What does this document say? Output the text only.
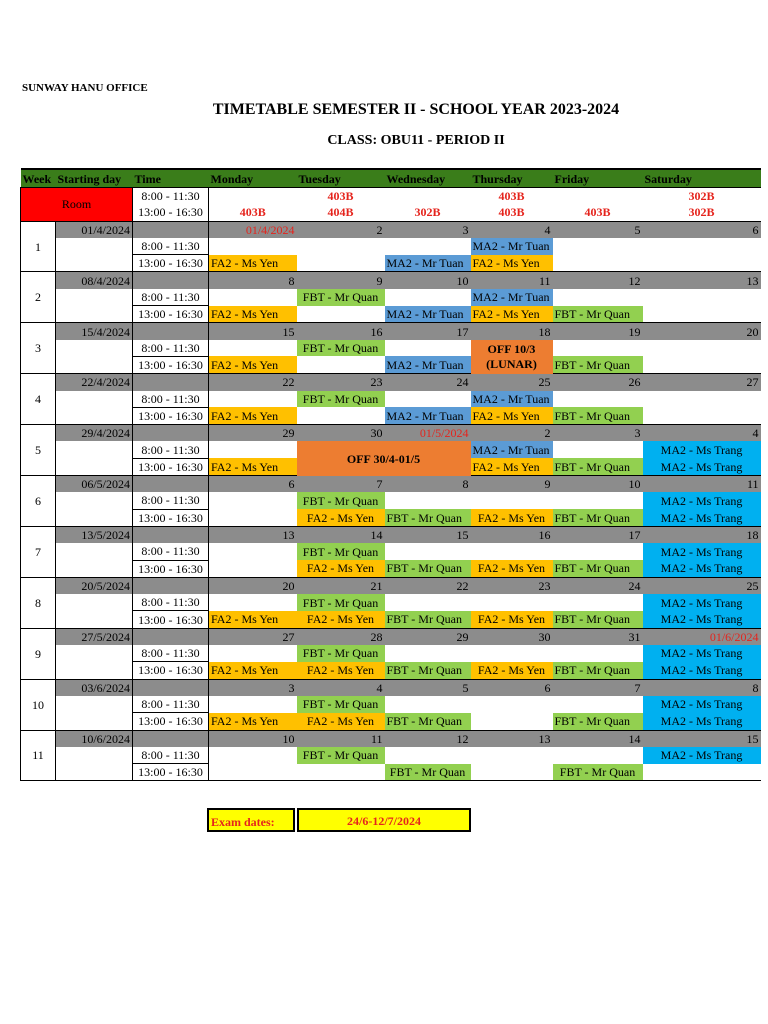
SUNWAY HANU OFFICE
TIMETABLE SEMESTER II - SCHOOL YEAR 2023-2024
CLASS: OBU11 - PERIOD II
Week	Starting day	Time	Monday	Tuesday	Wednesday	Thursday	Friday	Saturday
Room		8:00 - 11:30		403B		403B		302B
		13:00 - 16:30	403B	404B	302B	403B	403B	302B
1	01/4/2024		01/4/2024	2	3	4	5	6
		8:00 - 11:30				MA2 - Mr Tuan		
		13:00 - 16:30	FA2 - Ms Yen		MA2 - Mr Tuan	FA2 - Ms Yen		
2	08/4/2024		8	9	10	11	12	13
		8:00 - 11:30		FBT - Mr Quan		MA2 - Mr Tuan		
		13:00 - 16:30	FA2 - Ms Yen		MA2 - Mr Tuan	FA2 - Ms Yen	FBT - Mr Quan	
3	15/4/2024		15	16	17	18	19	20
		8:00 - 11:30		FBT - Mr Quan		OFF 10/3 (LUNAR)		
		13:00 - 16:30	FA2 - Ms Yen		MA2 - Mr Tuan		FBT - Mr Quan	
4	22/4/2024		22	23	24	25	26	27
		8:00 - 11:30		FBT - Mr Quan		MA2 - Mr Tuan		
		13:00 - 16:30	FA2 - Ms Yen		MA2 - Mr Tuan	FA2 - Ms Yen	FBT - Mr Quan	
5	29/4/2024		29	30	01/5/2024	2	3	4
		8:00 - 11:30		OFF 30/4-01/5		MA2 - Mr Tuan		MA2 - Ms Trang
		13:00 - 16:30	FA2 - Ms Yen			FA2 - Ms Yen	FBT - Mr Quan	MA2 - Ms Trang
6	06/5/2024		6	7	8	9	10	11
		8:00 - 11:30		FBT - Mr Quan				MA2 - Ms Trang
		13:00 - 16:30		FA2 - Ms Yen	FBT - Mr Quan	FA2 - Ms Yen	FBT - Mr Quan	MA2 - Ms Trang
7	13/5/2024		13	14	15	16	17	18
		8:00 - 11:30		FBT - Mr Quan				MA2 - Ms Trang
		13:00 - 16:30		FA2 - Ms Yen	FBT - Mr Quan	FA2 - Ms Yen	FBT - Mr Quan	MA2 - Ms Trang
8	20/5/2024		20	21	22	23	24	25
		8:00 - 11:30		FBT - Mr Quan				MA2 - Ms Trang
		13:00 - 16:30	FA2 - Ms Yen	FA2 - Ms Yen	FBT - Mr Quan	FA2 - Ms Yen	FBT - Mr Quan	MA2 - Ms Trang
9	27/5/2024		27	28	29	30	31	01/6/2024
		8:00 - 11:30		FBT - Mr Quan				MA2 - Ms Trang
		13:00 - 16:30	FA2 - Ms Yen	FA2 - Ms Yen	FBT - Mr Quan	FA2 - Ms Yen	FBT - Mr Quan	MA2 - Ms Trang
10	03/6/2024		3	4	5	6	7	8
		8:00 - 11:30		FBT - Mr Quan				MA2 - Ms Trang
		13:00 - 16:30	FA2 - Ms Yen	FA2 - Ms Yen	FBT - Mr Quan		FBT - Mr Quan	MA2 - Ms Trang
11	10/6/2024		10	11	12	13	14	15
		8:00 - 11:30		FBT - Mr Quan				MA2 - Ms Trang
		13:00 - 16:30			FBT - Mr Quan		FBT - Mr Quan	
Exam dates:	24/6-12/7/2024
